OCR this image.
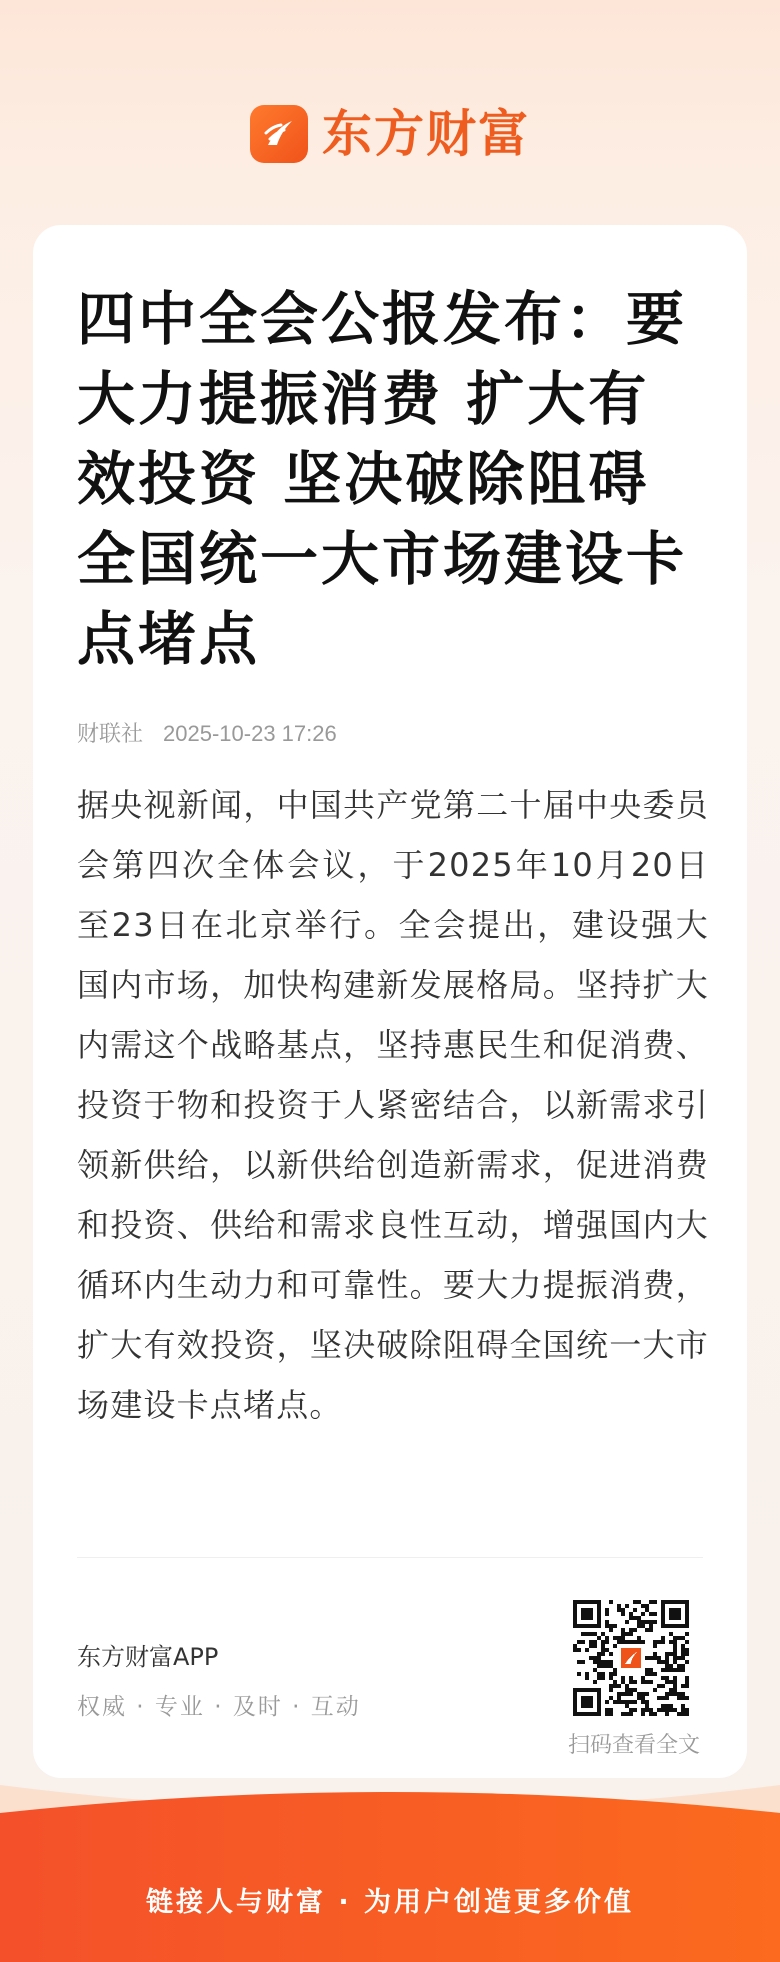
东方财富
四中全会公报发布：要大力提振消费 扩大有效投资 坚决破除阻碍全国统一大市场建设卡点堵点
财联社 2025-10-23 17:26

据央视新闻，中国共产党第二十届中央委员会第四次全体会议，于2025年10月20日至23日在北京举行。全会提出，建设强大国内市场，加快构建新发展格局。坚持扩大内需这个战略基点，坚持惠民生和促消费、投资于物和投资于人紧密结合，以新需求引领新供给，以新供给创造新需求，促进消费和投资、供给和需求良性互动，增强国内大循环内生动力和可靠性。要大力提振消费，扩大有效投资，坚决破除阻碍全国统一大市场建设卡点堵点。

东方财富APP
权威 · 专业 · 及时 · 互动
扫码查看全文
链接人与财富 · 为用户创造更多价值
